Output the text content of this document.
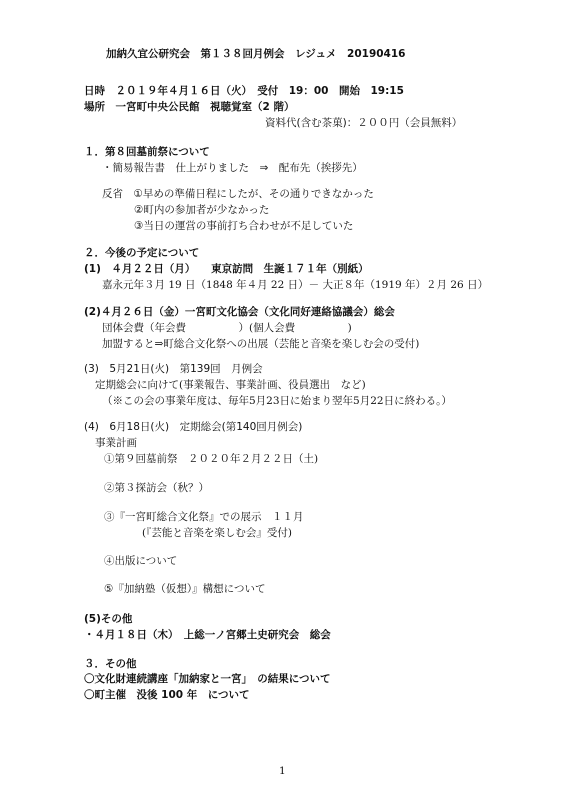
加納久宜公研究会　第１３８回月例会　レジュメ　20190416
日時　２０１９年４月１６日（火）　受付　19：00　開始　19:15
場所　一宮町中央公民館　視聴覚室（2 階）
資料代(含む茶菓)：２００円（会員無料）
１．第８回墓前祭について
・簡易報告書　仕上がりました　⇒　配布先（挨拶先）
反省　①早めの準備日程にしたが、その通りできなかった
②町内の参加者が少なかった
③当日の運営の事前打ち合わせが不足していた
２．今後の予定について
(1)　４月２２日（月）　　東京訪問　生誕１７１年（別紙）
嘉永元年３月 19 日（1848 年４月 22 日）－ 大正８年（1919 年）２月 26 日）
(2)４月２６日（金）一宮町文化協会（文化同好連絡協議会）総会
団体会費（年会費　　　　　）(個人会費　　　　　)
加盟すると⇒町総合文化祭への出展（芸能と音楽を楽しむ会の受付)
(3)　5月21日(火)　第139回　月例会
定期総会に向けて(事業報告、事業計画、役員選出　など)
（※この会の事業年度は、毎年5月23日に始まり翌年5月22日に終わる。）
(4)　6月18日(火)　定期総会(第140回月例会)
事業計画
①第９回墓前祭　２０２０年２月２２日（土)
②第３探訪会（秋？）
③『一宮町総合文化祭』での展示　１１月
(『芸能と音楽を楽しむ会』受付)
④出版について
⑤『加納塾（仮想）』構想について
(5)その他
・４月１８日（木）　上総一ノ宮郷土史研究会　総会
３．その他
〇文化財連続講座「加納家と一宮」　の結果について
〇町主催　没後 100 年　について
1
